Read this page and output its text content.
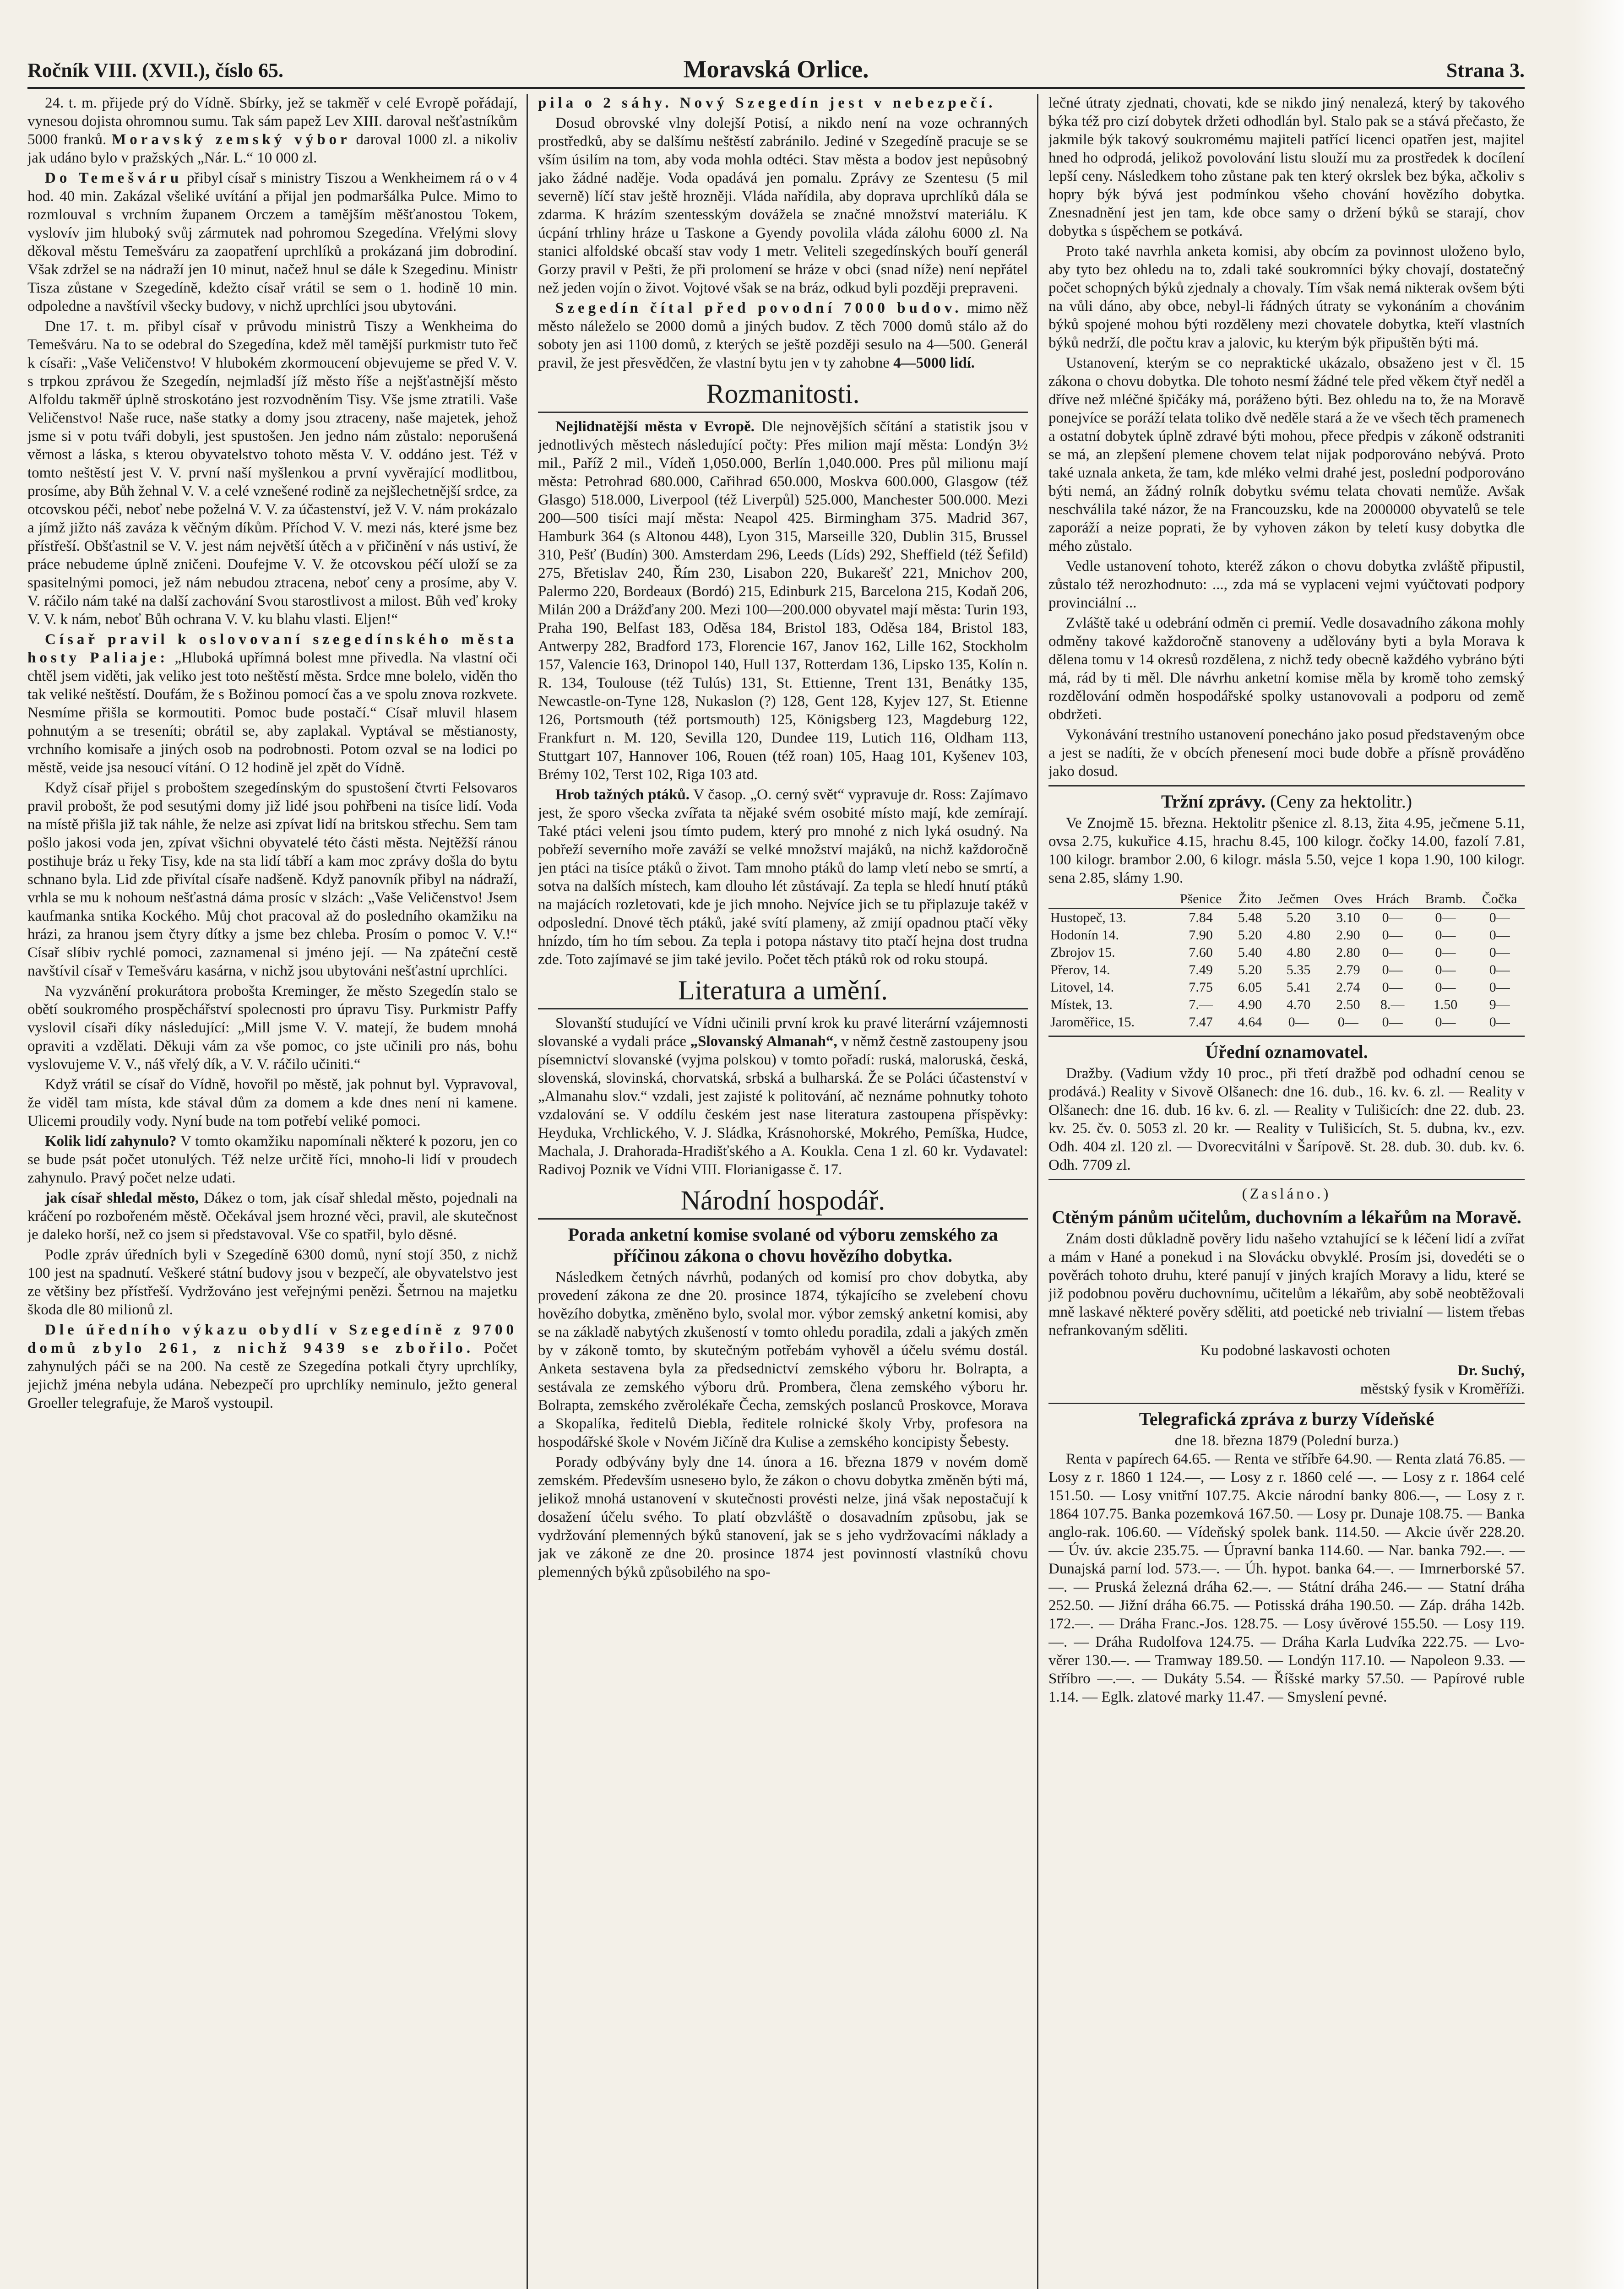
Ročník VIII. (XVII.), číslo 65.	Moravská Orlice.	Strana 3.

24. t. m. přijede prý do Vídně. Sbírky, jež se takměř v celé Evropě pořádají, vynesou dojista ohromnou sumu. Tak sám papež Lev XIII. daroval nešťastníkům 5000 franků. Moravský zemský výbor daroval 1000 zl. a nikoliv jak udáno bylo v pražských „Nár. L.“ 10 000 zl.

Do Temešváru přibyl císař s ministry Tiszou a Wenkheimem rá o v 4 hod. 40 min. Zakázal všeliké uvítání a přijal jen podmaršálka Pulce. Mimo to rozmlouval s vrchním županem Orczem a tamějším měšťanostou Tokem, vyslovív jim hluboký svůj zármutek nad pohromou Szegedína. Vřelými slovy děkoval městu Temešváru za zaopatření uprchlíků a prokázaná jim dobrodiní. Však zdržel se na nádraží jen 10 minut, načež hnul se dále k Szegedinu. Ministr Tisza zůstane v Szegedíně, kdežto císař vrátil se sem o 1. hodině 10 min. odpoledne a navštívil všecky budovy, v nichž uprchlíci jsou ubytováni.

Dne 17. t. m. přibyl císař v průvodu ministrů Tiszy a Wenkheima do Temešváru. Na to se odebral do Szegedína, kdež měl tamější purkmistr tuto řeč k císaři: „Vaše Veličenstvo! V hlubokém zkormoucení objevujeme se před V. V. s trpkou zprávou že Szegedín, nejmladší jíž město říše a nejšťastnější město Alfoldu takměř úplně stroskotáno jest rozvodněním Tisy. Vše jsme ztratili. Vaše Veličenstvo! Naše ruce, naše statky a domy jsou ztraceny, naše majetek, jehož jsme si v potu tváři dobyli, jest spustošen. Jen jedno nám zůstalo: neporušená věrnost a láska, s kterou obyvatelstvo tohoto města V. V. oddáno jest. Též v tomto neštěstí jest V. V. první naší myšlenkou a první vyvěrající modlitbou, prosíme, aby Bůh žehnal V. V. a celé vznešené rodině za nejšlechetnější srdce, za otcovskou péči, neboť nebe poželná V. V. za účastenství, jež V. V. nám prokázalo a jímž jižto náš zaváza k věčným díkům. Příchod V. V. mezi nás, které jsme bez přístřeší. Obšťastnil se V. V. jest nám největší útěch a v přičinění v nás ustiví, že práce nebudeme úplně zničeni. Doufejme V. V. že otcovskou péčí uloží se za spasitelnými pomoci, jež nám nebudou ztracena, neboť ceny a prosíme, aby V. V. ráčilo nám také na další zachování Svou starostlivost a milost. Bůh veď kroky V. V. k nám, neboť Bůh ochrana V. V. ku blahu vlasti. Eljen!“

Císař pravil k oslovovaní szegedínského města hosty Paliaje: „Hluboká upřímná bolest mne přivedla. Na vlastní oči chtěl jsem viděti, jak veliko jest toto neštěstí města. Srdce mne bolelo, viděn tho tak veliké neštěstí. Doufám, že s Božinou pomocí čas a ve spolu znova rozkvete. Nesmíme přišla se kormoutiti. Pomoc bude postačí.“ Císař mluvil hlasem pohnutým a se treseníti; obrátil se, aby zaplakal. Vyptával se městianosty, vrchního komisaře a jiných osob na podrobnosti. Potom ozval se na lodici po městě, veide jsa nesoucí vítání. O 12 hodině jel zpět do Vídně.

Když císař přijel s proboštem szegedínským do spustošení čtvrti Felsovaros pravil probošt, že pod sesutými domy již lidé jsou pohřbeni na tisíce lidí. Voda na místě přišla již tak náhle, že nelze asi zpívat lidí na britskou střechu. Sem tam pošlo jakosi voda jen, zpívat všichni obyvatelé této části města. Nejtěžší ránou postihuje bráz u řeky Tisy, kde na sta lidí tábří a kam moc zprávy došla do bytu schnano byla. Lid zde přivítal císaře nadšeně. Když panovník přibyl na nádraží, vrhla se mu k nohoum nešťastná dáma prosíc v slzách: „Vaše Veličenstvo! Jsem kaufmanka sntika Kockého. Můj chot pracoval až do posledního okamžiku na hrázi, za hranou jsem čtyry dítky a jsme bez chleba. Prosím o pomoc V. V.!“ Císař slíbiv rychlé pomoci, zaznamenal si jméno její. — Na zpáteční cestě navštívil císař v Temešváru kasárna, v nichž jsou ubytováni nešťastní uprchlíci.

Na vyzvánění prokurátora probošta Kreminger, že město Szegedín stalo se obětí soukromého prospěchářství spolecnosti pro úpravu Tisy. Purkmistr Paffy vyslovil císaři díky následující: „Mill jsme V. V. matejí, že budem mnohá opraviti a vzdělati. Děkuji vám za vše pomoc, co jste učinili pro nás, bohu vyslovujeme V. V., náš vřelý dík, a V. V. ráčilo učiniti.“

Když vrátil se císař do Vídně, hovořil po městě, jak pohnut byl. Vypravoval, že viděl tam místa, kde stával dům za domem a kde dnes není ni kamene. Ulicemi proudily vody. Nyní bude na tom potřebí veliké pomoci.

Kolik lidí zahynulo? V tomto okamžiku napomínali některé k pozoru, jen co se bude psát počet utonulých. Též nelze určitě říci, mnoho-li lidí v proudech zahynulo. Pravý počet nelze udati.

jak císař shledal město, Dákez o tom, jak císař shledal město, pojednali na kráčení po rozbořeném městě. Očekával jsem hrozné věci, pravil, ale skutečnost je daleko horší, než co jsem si představoval. Vše co spatřil, bylo děsné.

Podle zpráv úředních byli v Szegedíně 6300 domů, nyní stojí 350, z nichž 100 jest na spadnutí. Veškeré státní budovy jsou v bezpečí, ale obyvatelstvo jest ze většiny bez přístřeší. Vydržováno jest veřejnými penězi. Šetrnou na majetku škoda dle 80 milionů zl.

Dle úředního výkazu obydlí v Szegedíně z 9700 domů zbylo 261, z nichž 9439 se zbořilo. Počet zahynulých páči se na 200. Na cestě ze Szegedína potkali čtyry uprchlíky, jejichž jména nebyla udána. Nebezpečí pro uprchlíky neminulo, ježto general Groeller telegrafuje, že Maroš vystoupil.

pila o 2 sáhy. Nový Szegedín jest v nebezpečí.

Dosud obrovské vlny dolejší Potisí, a nikdo není na voze ochranných prostředků, aby se dalšímu neštěstí zabránilo. Jediné v Szegedíně pracuje se se vším úsilím na tom, aby voda mohla odtéci. Stav města a bodov jest nepůsobný jako žádné naděje. Voda opadává jen pomalu. Zprávy ze Szentesu (5 mil severně) líčí stav ještě hrozněji. Vláda nařídila, aby doprava uprchlíků dála se zdarma. K hrázím szentesským dovážela se značné množství materiálu. K úcpání trhliny hráze u Taskone a Gyendy povolila vláda zálohu 6000 zl. Na stanici alfoldské obcaší stav vody 1 metr. Veliteli szegedínských bouří generál Gorzy pravil v Pešti, že při prolomení se hráze v obci (snad níže) není nepřátel než jeden vojín o život. Vojtové však se na bráz, odkud byli později prepraveni.

Szegedín čítal před povodní 7000 budov. mimo něž město náleželo se 2000 domů a jiných budov. Z těch 7000 domů stálo až do soboty jen asi 1100 domů, z kterých se ještě později sesulo na 4—500. Generál pravil, že jest přesvědčen, že vlastní bytu jen v ty zahobne 4—5000 lidí.

Rozmanitosti.

Nejlidnatější města v Evropě. Dle nejnovějších sčítání a statistik jsou v jednotlivých městech následující počty: Přes milion mají města: Londýn 3½ mil., Paříž 2 mil., Vídeň 1,050.000, Berlín 1,040.000. Pres půl milionu mají města: Petrohrad 680.000, Cařihrad 650.000, Moskva 600.000, Glasgow (též Glasgo) 518.000, Liverpool (též Liverpůl) 525.000, Manchester 500.000. Mezi 200—500 tisíci mají města: Neapol 425. Birmingham 375. Madrid 367, Hamburk 364 (s Altonou 448), Lyon 315, Marseille 320, Dublin 315, Brussel 310, Pešť (Budín) 300. Amsterdam 296, Leeds (Líds) 292, Sheffield (též Šefild) 275, Břetislav 240, Řím 230, Lisabon 220, Bukarešť 221, Mnichov 200, Palermo 220, Bordeaux (Bordó) 215, Edinburk 215, Barcelona 215, Kodaň 206, Milán 200 a Drážďany 200. Mezi 100—200.000 obyvatel mají města: Turin 193, Praha 190, Belfast 183, Oděsa 184, Bristol 183, Oděsa 184, Bristol 183, Antwerpy 282, Bradford 173, Florencie 167, Janov 162, Lille 162, Stockholm 157, Valencie 163, Drinopol 140, Hull 137, Rotterdam 136, Lipsko 135, Kolín n. R. 134, Toulouse (též Tulús) 131, St. Ettienne, Trent 131, Benátky 135, Newcastle-on-Tyne 128, Nukaslon (?) 128, Gent 128, Kyjev 127, St. Etienne 126, Portsmouth (též portsmouth) 125, Königsberg 123, Magdeburg 122, Frankfurt n. M. 120, Sevilla 120, Dundee 119, Lutich 116, Oldham 113, Stuttgart 107, Hannover 106, Rouen (též roan) 105, Haag 101, Kyšenev 103, Brémy 102, Terst 102, Riga 103 atd.

Hrob tažných ptáků. V časop. „O. cerný svět“ vypravuje dr. Ross: Zajímavo jest, že sporo všecka zvířata ta nějaké svém osobité místo mají, kde zemírají. Také ptáci veleni jsou tímto pudem, který pro mnohé z nich lyká osudný. Na pobřeží severního moře zaváží se velké množství majáků, na nichž každoročně jen ptáci na tisíce ptáků o život. Tam mnoho ptáků do lamp vletí nebo se smrtí, a sotva na dalších místech, kam dlouho lét zůstávají. Za tepla se hledí hnutí ptáků na majácích rozletovati, kde je jich mnoho. Nejvíce jich se tu připlazuje takéž v odposlední. Dnové těch ptáků, jaké svítí plameny, až zmijí opadnou ptačí věky hnízdo, tím ho tím sebou. Za tepla i potopa nástavy tito ptačí hejna dost trudna zde. Toto zajímavé se jim také jevilo. Počet těch ptáků rok od roku stoupá.

Literatura a umění.

Slovanští studující ve Vídni učinili první krok ku pravé literární vzájemnosti slovanské a vydali práce „Slovanský Almanah“, v němž čestně zastoupeny jsou písemnictví slovanské (vyjma polskou) v tomto pořadí: ruská, maloruská, česká, slovenská, slovinská, chorvatská, srbská a bulharská. Že se Poláci účastenství v „Almanahu slov.“ vzdali, jest zajisté k politování, ač neznáme pohnutky tohoto vzdalování se. V oddílu českém jest nase literatura zastoupena příspěvky: Heydukа, Vrchlického, V. J. Sládka, Krásnohorské, Mokrého, Pemíška, Hudce, Machala, J. Drahorada-Hradišťského a A. Koukla. Cena 1 zl. 60 kr. Vydavatel: Radivoj Poznik ve Vídni VIII. Florianigasse č. 17.

Národní hospodář.
Porada anketní komise svolané od výboru zemského za příčinou zákona o chovu hovězího dobytka.

Následkem četných návrhů, podaných od komisí pro chov dobytka, aby provedení zákona ze dne 20. prosince 1874, týkajícího se zvelebení chovu hovězího dobytka, změněno bylo, svolal mor. výbor zemský anketní komisi, aby se na základě nabytých zkušeností v tomto ohledu poradila, zdali a jakých změn by v zákoně tomto, by skutečným potřebám vyhověl a účelu svému dostál. Anketa sestavena byla za předsednictví zemského výboru hr. Bolrapta, a sestávala ze zemského výboru drů. Prombera, člena zemského výboru hr. Bolrapta, zemského zvěrolékaře Čecha, zemských poslanců Proskovce, Morava a Skopalíka, ředitelů Diebla, ředitele rolnické školy Vrby, profesora na hospodářské škole v Novém Jičíně dra Kulise a zemského koncipisty Šebesty.

Porady odbývány byly dne 14. února a 16. března 1879 v novém domě zemském. Především usnesено bylo, že zákon o chovu dobytka změněn býti má, jelikož mnohá ustanovení v skutečnosti provésti nelze, jiná však nepostačují k dosažení účelu svého. To platí obzvláště o dosavadním způsobu, jak se vydržování plemenných býků stanovení, jak se s jeho vydržovacími náklady a jak ve zákoně ze dne 20. prosince 1874 jest povinností vlastníků chovu plemenných býků způsobilého na spo-

lečné útraty zjednati, chovati, kde se nikdo jiný nenalezá, který by takového býka též pro cizí dobytek držeti odhodlán byl. Stalo pak se a stává přečasto, že jakmile býk takový soukromému majiteli patřící licenci opatřen jest, majitel hned ho odprodá, jelikož povolování listu slouží mu za prostředek k docílení lepší ceny. Následkem toho zůstane pak ten který okrslek bez býka, ačkoliv s hopry býk bývá jest podmínkou všeho chování hovězího dobytka. Znesnadnění jest jen tam, kde obce samy o držení býků se starají, chov dobytka s úspěchem se potkává.

Proto také navrhla anketa komisi, aby obcím za povinnost uloženo bylo, aby tyto bez ohledu na to, zdali také soukromníci býky chovají, dostatečný počet schopných býků zjednaly a chovaly. Tím však nemá nikterak ovšem býti na vůli dáno, aby obce, nebyl-li řádných útraty se vykonáním a chovánim býků spojené mohou býti rozděleny mezi chovatele dobytka, kteří vlastních býků nedrží, dle počtu krav a jalovic, ku kterým býk připuštěn býti má.

Ustanovení, kterým se co nepraktické ukázalo, obsaženo jest v čl. 15 zákona o chovu dobytka. Dle tohoto nesmí žádné tele před věkem čtyř neděl a dříve než mléčné špičáky má, poráženo býti. Bez ohledu na to, že na Moravě ponejvíce se poráží telata toliko dvě neděle stará a že ve všech těch pramenech a ostatní dobytek úplně zdravé býti mohou, přece předpis v zákoně odstraniti se má, an zlepšení plemene chovem telat nijak podporováno nebývá. Proto také uznala anketa, že tam, kde mléko velmi drahé jest, poslední podporováno býti nemá, an žádný rolník dobytku svému telata chovati nemůže. Avšak neschválila také názor, že na Francouzsku, kde na 2000000 obyvatelů se tele zaporáží a neize poprati, že by vyhoven zákon by teletí kusy dobytka dle mého zůstalo.

Vedle ustanovení tohoto, kteréž zákon o chovu dobytka zvláště připustil, zůstalo též nerozhodnuto: ..., zda má se vyplaceni vejmi vyúčtovati podpory provinciální ...

Zvláště také u odebrání odměn ci premií. Vedle dosavadního zákona mohly odměny takové každoročně stanoveny a udělovány byti a byla Morava k dělena tomu v 14 okresů rozdělena, z nichž tedy obecně každého vybráno býti má, rád by ti měl. Dle návrhu anketní komise měla by kromě toho zemský rozdělování odměn hospodářské spolky ustanovovali a podporu od země obdržeti.

Vykonávání trestního ustanovení ponecháno jako posud představeným obce a jest se nadíti, že v obcích přenesení moci bude dobře a přísně prováděno jako dosud.

Tržní zprávy. (Ceny za hektolitr.)

Ve Znojmě 15. března. Hektolitr pšenice zl. 8.13, žita 4.95, ječmene 5.11, ovsa 2.75, kukuřice 4.15, hrachu 8.45, 100 kilogr. čočky 14.00, fazolí 7.81, 100 kilogr. brambor 2.00, 6 kilogr. másla 5.50, vejce 1 kopa 1.90, 100 kilogr. sena 2.85, slámy 1.90.

	Pšenice	Žito	Ječmen	Oves	Hrách	Bramb.	Čočka
Hustopeč, 13.	7.84	5.48	5.20	3.10	0—	0—	0—
Hodonín 14.	7.90	5.20	4.80	2.90	0—	0—	0—
Zbrojov 15.	7.60	5.40	4.80	2.80	0—	0—	0—
Přerov, 14.	7.49	5.20	5.35	2.79	0—	0—	0—
Litovel, 14.	7.75	6.05	5.41	2.74	0—	0—	0—
Místek, 13.	7.—	4.90	4.70	2.50	8.—	1.50	9—
Jaroměřice, 15.	7.47	4.64	0—	0—	0—	0—	0—
Úřední oznamovatel.

Dražby. (Vadium vždy 10 proc., při třetí dražbě pod odhadní cenou se prodává.) Reality v Sivově Olšanech: dne 16. dub., 16. kv. 6. zl. — Reality v Olšanech: dne 16. dub. 16 kv. 6. zl. — Reality v Tulišicích: dne 22. dub. 23. kv. 25. čv. 0. 5053 zl. 20 kr. — Reality v Tulišicích, St. 5. dubna, kv., ezv. Odh. 404 zl. 120 zl. — Dvorecvitálni v Šarípově. St. 28. dub. 30. dub. kv. 6. Odh. 7709 zl.

(Zasláno.)
Ctěným pánům učitelům, duchovním a lékařům na Moravě.

Znám dosti důkladně pověry lidu našeho vztahující se k léčení lidí a zvířat a mám v Hané a ponekud i na Slovácku obvyklé. Prosím jsi, dovedéti se o pověrách tohoto druhu, které panují v jiných krajích Moravy a lidu, které se již podobnou pověru duchovnímu, učitelům a lékařům, aby sobě neobtěžovali mně laskavé některé pověry sděliti, atd poetické neb trivialní — listem třebas nefrankovaným sděliti.

Ku podobné laskavosti ochoten

Dr. Suchý,
městský fysik v Kroměříži.
Telegrafická zpráva z burzy Vídeňské
dne 18. března 1879 (Polední burza.)

Renta v papírech 64.65. — Renta ve stříbře 64.90. — Renta zlatá 76.85. — Losy z r. 1860 1 124.—, — Losy z r. 1860 celé —. — Losy z r. 1864 celé 151.50. — Losy vnitřní 107.75. Akcie národní banky 806.—, — Losy z r. 1864 107.75. Banka pozemková 167.50. — Losy pr. Dunaje 108.75. — Banka anglo-rak. 106.60. — Vídeňský spolek bank. 114.50. — Akcie úvěr 228.20. — Úv. úv. akcie 235.75. — Úpravní banka 114.60. — Nar. banka 792.—. — Dunajská parní lod. 573.—. — Úh. hypot. banka 64.—. — Imrnerborské 57.—. — Pruská železná dráha 62.—. — Státní dráha 246.— — Statní dráha 252.50. — Jižní dráha 66.75. — Potisská dráha 190.50. — Záp. dráha 142b. 172.—. — Dráha Franc.-Jos. 128.75. — Losy úvěrové 155.50. — Losy 119.—. — Dráha Rudolfova 124.75. — Dráha Karla Ludvíka 222.75. — Lvo-věrer 130.—. — Tramway 189.50. — Londýn 117.10. — Napoleon 9.33. — Stříbro —.—. — Dukáty 5.54. — Říšské marky 57.50. — Papírové ruble 1.14. — Eglk. zlatové marky 11.47. — Smyslení pevné.
